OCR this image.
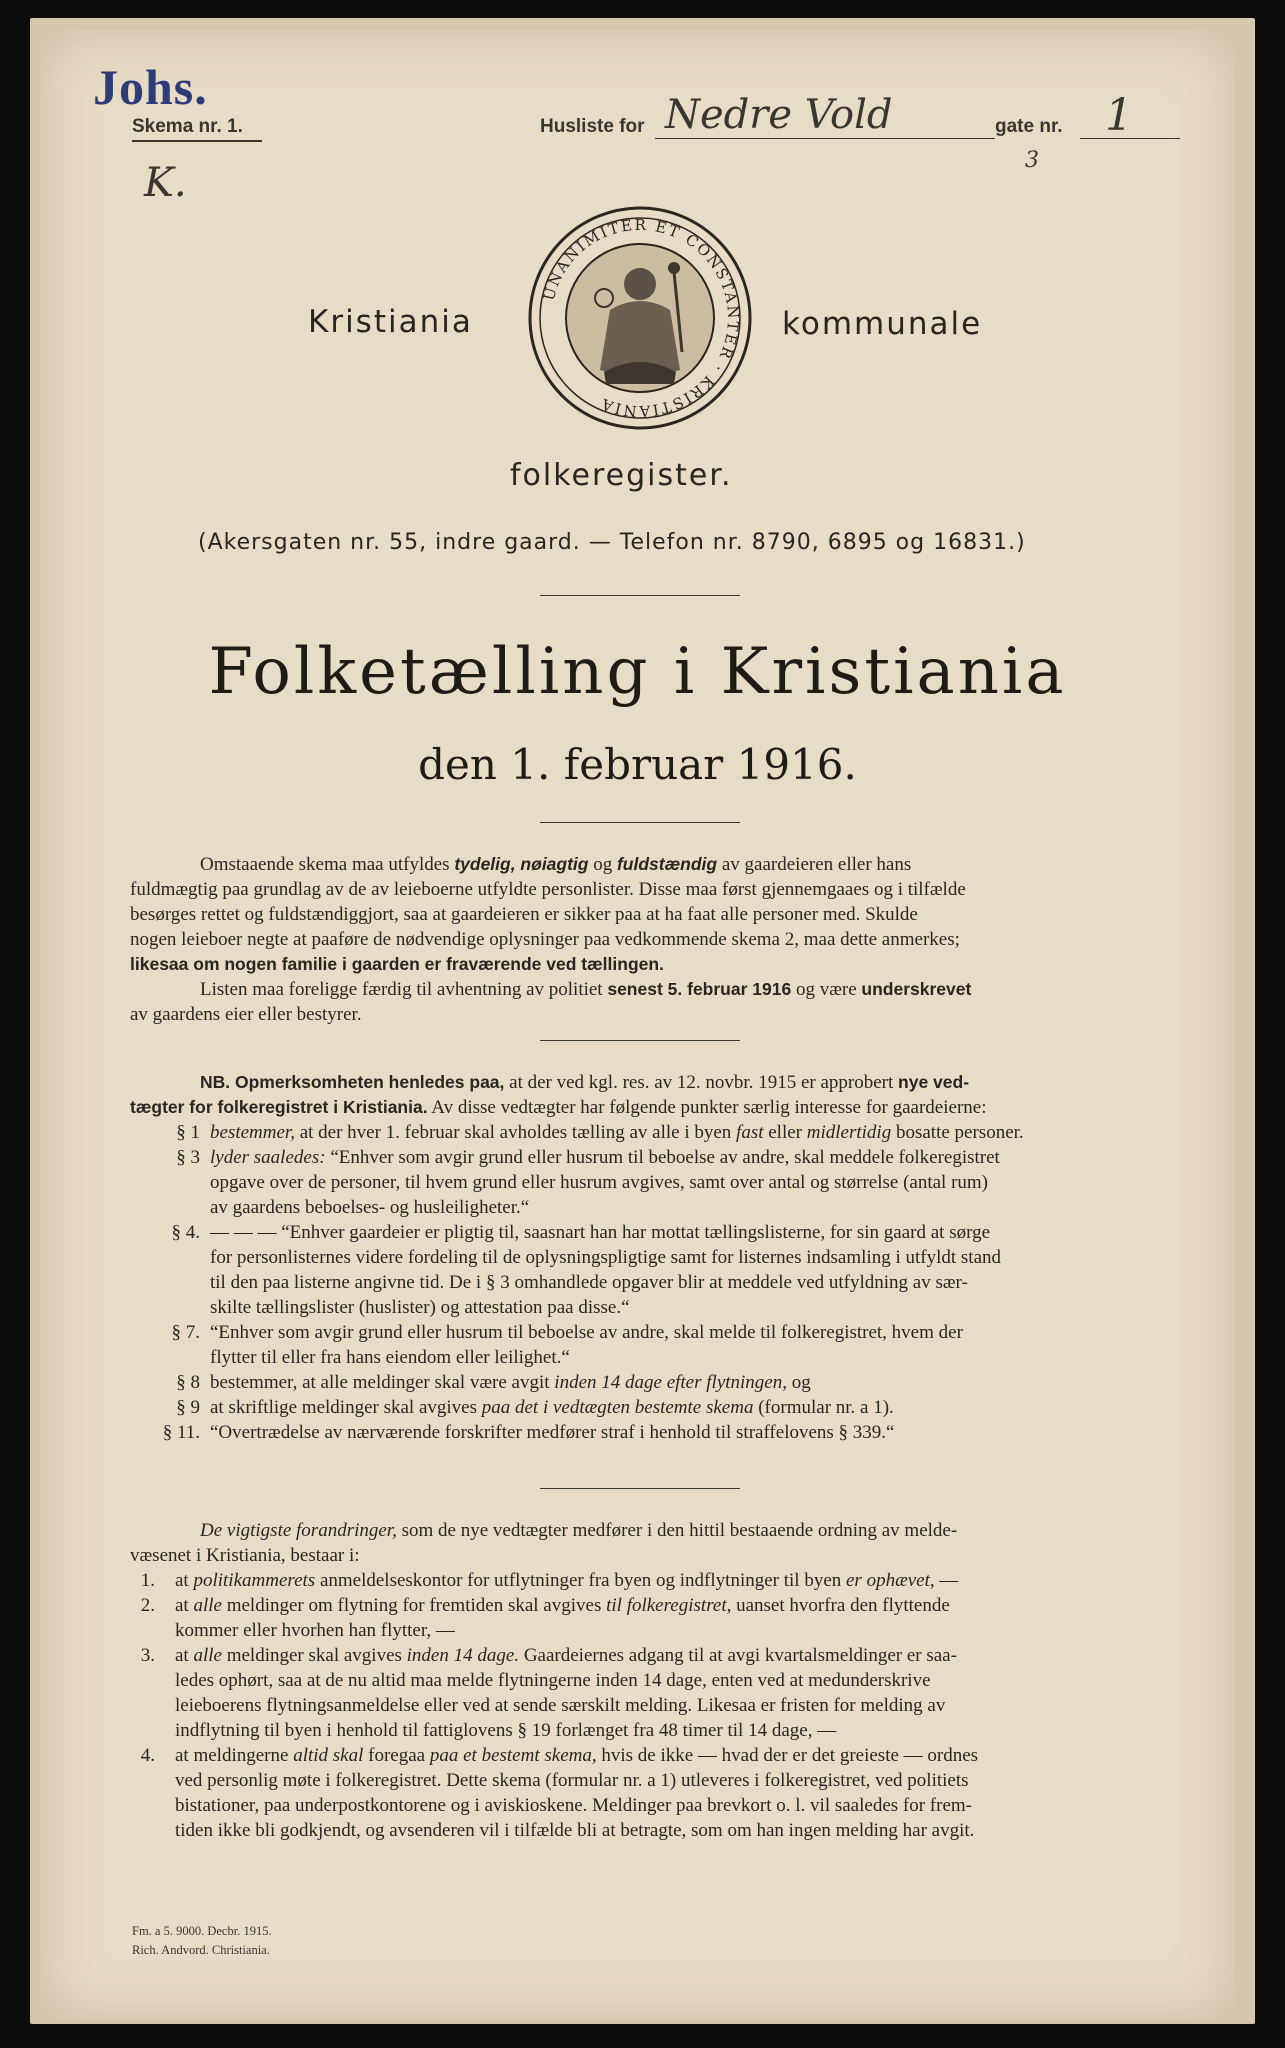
Johs.
Skema nr. 1.
K.
Husliste for Nedre Vold	gate nr. 1
3
Kristiania
UNANIMITER ET CONSTANTER · KRISTIANIA
kommunale
folkeregister.
(Akersgaten nr. 55, indre gaard. — Telefon nr. 8790, 6895 og 16831.)
Folketælling i Kristiania
den 1. februar 1916.
Omstaaende skema maa utfyldes tydelig, nøiagtig og fuldstændig av gaardeieren eller hans
fuldmægtig paa grundlag av de av leieboerne utfyldte personlister. Disse maa først gjennemgaaes og i tilfælde
besørges rettet og fuldstændiggjort, saa at gaardeieren er sikker paa at ha faat alle personer med. Skulde
nogen leieboer negte at paaføre de nødvendige oplysninger paa vedkommende skema 2, maa dette anmerkes;
likesaa om nogen familie i gaarden er fraværende ved tællingen.
Listen maa foreligge færdig til avhentning av politiet senest 5. februar 1916 og være underskrevet
av gaardens eier eller bestyrer.
NB. Opmerksomheten henledes paa, at der ved kgl. res. av 12. novbr. 1915 er approbert nye ved-
tægter for folkeregistret i Kristiania. Av disse vedtægter har følgende punkter særlig interesse for gaardeierne:
§ 1 bestemmer, at der hver 1. februar skal avholdes tælling av alle i byen fast eller midlertidig bosatte personer.
§ 3 lyder saaledes: “Enhver som avgir grund eller husrum til beboelse av andre, skal meddele folkeregistret
opgave over de personer, til hvem grund eller husrum avgives, samt over antal og størrelse (antal rum)
av gaardens beboelses- og husleiligheter.“
§ 4. — — — “Enhver gaardeier er pligtig til, saasnart han har mottat tællingslisterne, for sin gaard at sørge
for personlisternes videre fordeling til de oplysningspligtige samt for listernes indsamling i utfyldt stand
til den paa listerne angivne tid. De i § 3 omhandlede opgaver blir at meddele ved utfyldning av sær-
skilte tællingslister (huslister) og attestation paa disse.“
§ 7. “Enhver som avgir grund eller husrum til beboelse av andre, skal melde til folkeregistret, hvem der
flytter til eller fra hans eiendom eller leilighet.“
§ 8 bestemmer, at alle meldinger skal være avgit inden 14 dage efter flytningen, og
§ 9 at skriftlige meldinger skal avgives paa det i vedtægten bestemte skema (formular nr. a 1).
§ 11. “Overtrædelse av nærværende forskrifter medfører straf i henhold til straffelovens § 339.“
De vigtigste forandringer, som de nye vedtægter medfører i den hittil bestaaende ordning av melde-
væsenet i Kristiania, bestaar i:
1. at politikammerets anmeldelseskontor for utflytninger fra byen og indflytninger til byen er ophævet, —
2. at alle meldinger om flytning for fremtiden skal avgives til folkeregistret, uanset hvorfra den flyttende
kommer eller hvorhen han flytter, —
3. at alle meldinger skal avgives inden 14 dage. Gaardeiernes adgang til at avgi kvartalsmeldinger er saa-
ledes ophørt, saa at de nu altid maa melde flytningerne inden 14 dage, enten ved at medunderskrive
leieboerens flytningsanmeldelse eller ved at sende særskilt melding. Likesaa er fristen for melding av
indflytning til byen i henhold til fattiglovens § 19 forlænget fra 48 timer til 14 dage, —
4. at meldingerne altid skal foregaa paa et bestemt skema, hvis de ikke — hvad der er det greieste — ordnes
ved personlig møte i folkeregistret. Dette skema (formular nr. a 1) utleveres i folkeregistret, ved politiets
bistationer, paa underpostkontorene og i aviskioskene. Meldinger paa brevkort o. l. vil saaledes for frem-
tiden ikke bli godkjendt, og avsenderen vil i tilfælde bli at betragte, som om han ingen melding har avgit.
Fm. a 5. 9000. Decbr. 1915.
Rich. Andvord. Christiania.
